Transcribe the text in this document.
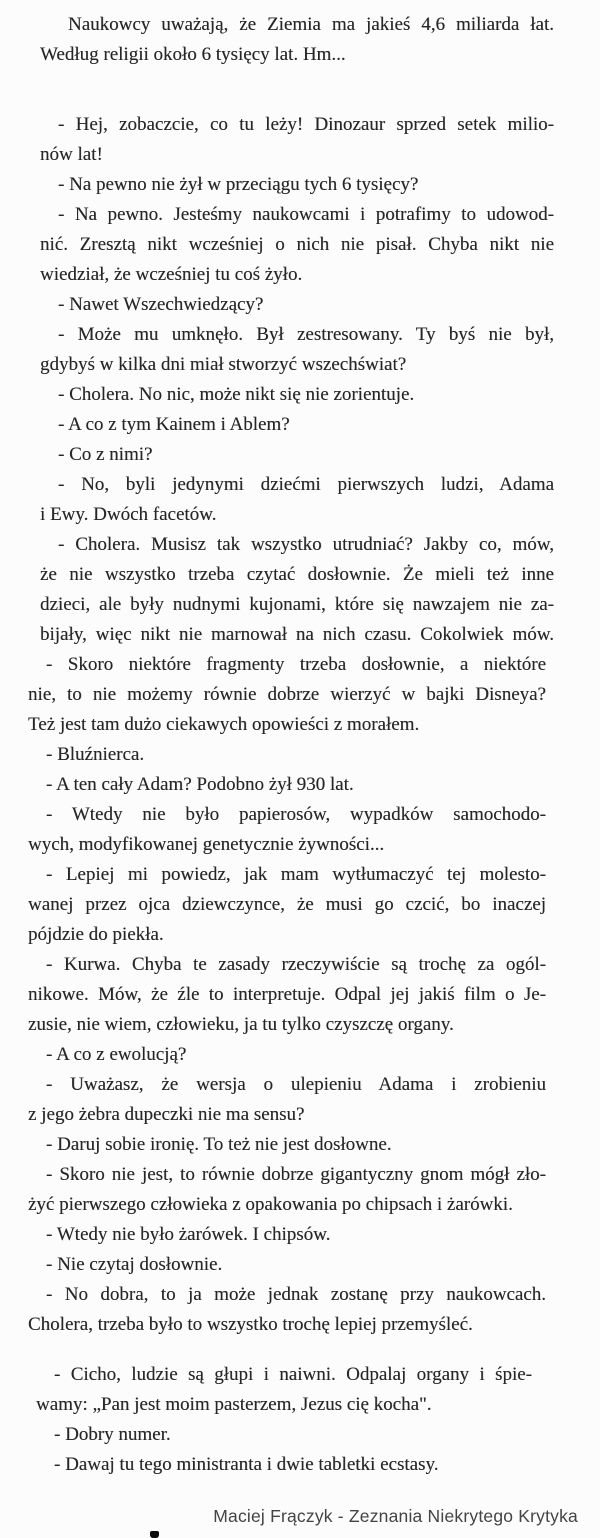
Naukowcy uważają, że Ziemia ma jakieś 4,6 miliarda łat.
Według religii około 6 tysięcy lat. Hm...
- Hej, zobaczcie, co tu leży! Dinozaur sprzed setek milio-
nów lat!
- Na pewno nie żył w przeciągu tych 6 tysięcy?
- Na pewno. Jesteśmy naukowcami i potrafimy to udowod-
nić. Zresztą nikt wcześniej o nich nie pisał. Chyba nikt nie
wiedział, że wcześniej tu coś żyło.
- Nawet Wszechwiedzący?
- Może mu umknęło. Był zestresowany. Ty byś nie był,
gdybyś w kilka dni miał stworzyć wszechświat?
- Cholera. No nic, może nikt się nie zorientuje.
- A co z tym Kainem i Ablem?
- Co z nimi?
- No, byli jedynymi dziećmi pierwszych ludzi, Adama
i Ewy. Dwóch facetów.
- Cholera. Musisz tak wszystko utrudniać? Jakby co, mów,
że nie wszystko trzeba czytać dosłownie. Że mieli też inne
dzieci, ale były nudnymi kujonami, które się nawzajem nie za-
bijały, więc nikt nie marnował na nich czasu. Cokolwiek mów.
- Skoro niektóre fragmenty trzeba dosłownie, a niektóre
nie, to nie możemy równie dobrze wierzyć w bajki Disneya?
Też jest tam dużo ciekawych opowieści z morałem.
- Bluźnierca.
- A ten cały Adam? Podobno żył 930 lat.
- Wtedy nie było papierosów, wypadków samochodo-
wych, modyfikowanej genetycznie żywności...
- Lepiej mi powiedz, jak mam wytłumaczyć tej molesto-
wanej przez ojca dziewczynce, że musi go czcić, bo inaczej
pójdzie do piekła.
- Kurwa. Chyba te zasady rzeczywiście są trochę za ogól-
nikowe. Mów, że źle to interpretuje. Odpal jej jakiś film o Je-
zusie, nie wiem, człowieku, ja tu tylko czyszczę organy.
- A co z ewolucją?
- Uważasz, że wersja o ulepieniu Adama i zrobieniu
z jego żebra dupeczki nie ma sensu?
- Daruj sobie ironię. To też nie jest dosłowne.
- Skoro nie jest, to równie dobrze gigantyczny gnom mógł zło-
żyć pierwszego człowieka z opakowania po chipsach i żarówki.
- Wtedy nie było żarówek. I chipsów.
- Nie czytaj dosłownie.
- No dobra, to ja może jednak zostanę przy naukowcach.
Cholera, trzeba było to wszystko trochę lepiej przemyśleć.
- Cicho, ludzie są głupi i naiwni. Odpalaj organy i śpie-
wamy: „Pan jest moim pasterzem, Jezus cię kocha".
- Dobry numer.
- Dawaj tu tego ministranta i dwie tabletki ecstasy.
Maciej Frączyk - Zeznania Niekrytego Krytyka
